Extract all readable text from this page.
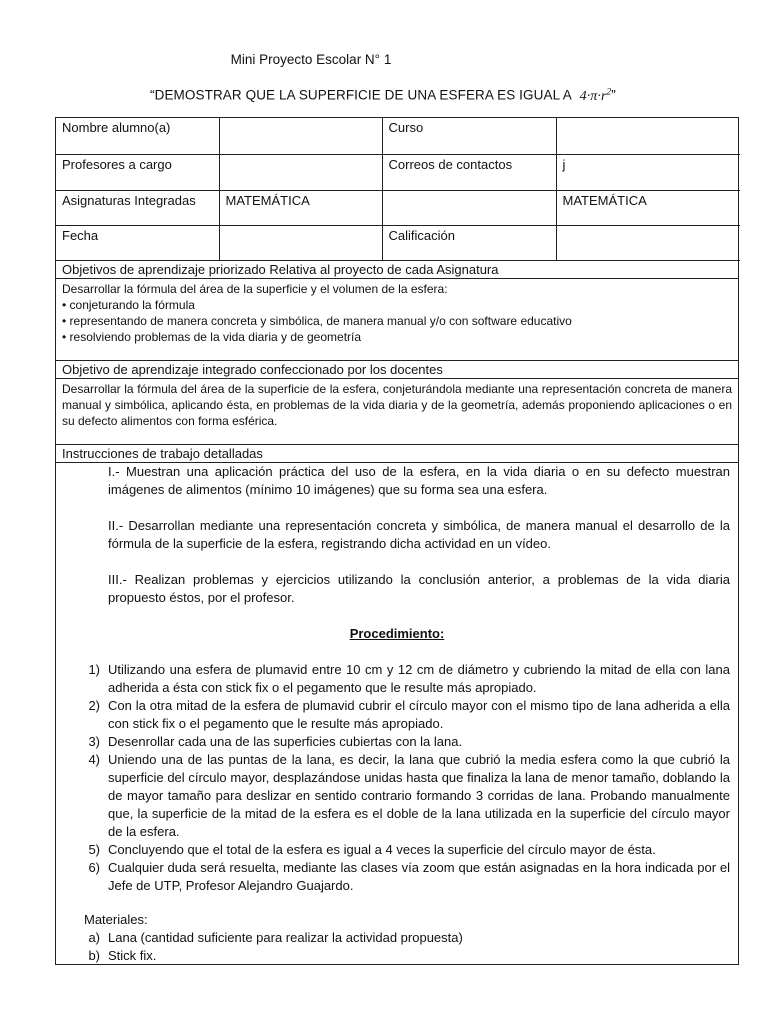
Mini Proyecto Escolar N° 1
“DEMOSTRAR QUE LA SUPERFICIE DE UNA ESFERA ES IGUAL A $4\cdot\pi\cdot r^2$”
Nombre alumno(a)		Curso	
Profesores a cargo		Correos de contactos	j
Asignaturas Integradas	MATEMÁTICA		MATEMÁTICA
Fecha		Calificación	
Objetivos de aprendizaje priorizado Relativa al proyecto de cada Asignatura

Desarrollar la fórmula del área de la superficie y el volumen de la esfera:

• conjeturando la fórmula

• representando de manera concreta y simbólica, de manera manual y/o con software educativo

• resolviendo problemas de la vida diaria y de geometría

Objetivo de aprendizaje integrado confeccionado por los docentes

Desarrollar la fórmula del área de la superficie de la esfera, conjeturándola mediante una representación concreta de manera manual y simbólica, aplicando ésta, en problemas de la vida diaria y de la geometría, además proponiendo aplicaciones o en su defecto alimentos con forma esférica.

Instrucciones de trabajo detalladas

I.- Muestran una aplicación práctica del uso de la esfera, en la vida diaria o en su defecto muestran imágenes de alimentos (mínimo 10 imágenes) que su forma sea una esfera.

II.- Desarrollan mediante una representación concreta y simbólica, de manera manual el desarrollo de la fórmula de la superficie de la esfera, registrando dicha actividad en un vídeo.

III.- Realizan problemas y ejercicios utilizando la conclusión anterior, a problemas de la vida diaria propuesto éstos, por el profesor.

Procedimiento:
1) Utilizando una esfera de plumavid entre 10 cm y 12 cm de diámetro y cubriendo la mitad de ella con lana adherida a ésta con stick fix o el pegamento que le resulte más apropiado.
2) Con la otra mitad de la esfera de plumavid cubrir el círculo mayor con el mismo tipo de lana adherida a ella con stick fix o el pegamento que le resulte más apropiado.
3) Desenrollar cada una de las superficies cubiertas con la lana.
4) Uniendo una de las puntas de la lana, es decir, la lana que cubrió la media esfera como la que cubrió la superficie del círculo mayor, desplazándose unidas hasta que finaliza la lana de menor tamaño, doblando la de mayor tamaño para deslizar en sentido contrario formando 3 corridas de lana. Probando manualmente que, la superficie de la mitad de la esfera es el doble de la lana utilizada en la superficie del círculo mayor de la esfera.
5) Concluyendo que el total de la esfera es igual a 4 veces la superficie del círculo mayor de ésta.
6) Cualquier duda será resuelta, mediante las clases vía zoom que están asignadas en la hora indicada por el Jefe de UTP, Profesor Alejandro Guajardo.
Materiales:
a) Lana (cantidad suficiente para realizar la actividad propuesta)
b) Stick fix.
